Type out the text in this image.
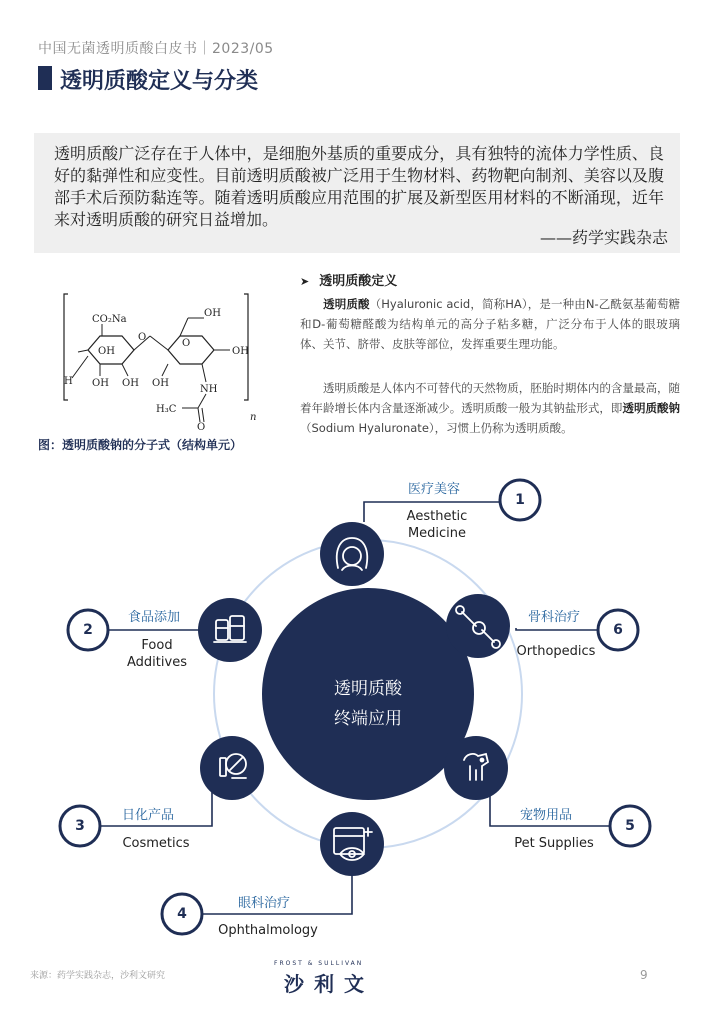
中国无菌透明质酸白皮书｜2023/05
透明质酸定义与分类
透明质酸广泛存在于人体中，是细胞外基质的重要成分，具有独特的流体力学性质、良好的黏弹性和应变性。目前透明质酸被广泛用于生物材料、药物靶向制剂、美容以及腹部手术后预防黏连等。随着透明质酸应用范围的扩展及新型医用材料的不断涌现，近年来对透明质酸的研究日益增加。
——药学实践杂志
CO₂Na
OH
O
H OH OH OH
OH
O
OH
NH
H₃C
O
n
图：透明质酸钠的分子式（结构单元）
➤ 透明质酸定义
透明质酸（Hyaluronic acid，简称HA），是一种由N-乙酰氨基葡萄糖和D-葡萄糖醛酸为结构单元的高分子粘多糖，广泛分布于人体的眼玻璃体、关节、脐带、皮肤等部位，发挥重要生理功能。
透明质酸是人体内不可替代的天然物质，胚胎时期体内的含量最高，随着年龄增长体内含量逐渐减少。透明质酸一般为其钠盐形式，即透明质酸钠（Sodium Hyaluronate），习惯上仍称为透明质酸。
透明质酸
终端应用
1
2
3
4
5
6
医疗美容
Aesthetic
Medicine
食品添加
Food
Additives
日化产品
Cosmetics
眼科治疗
Ophthalmology
宠物用品
Pet Supplies
骨科治疗
Orthopedics
来源：药学实践杂志，沙利文研究
FROST & SULLIVAN
沙利文	9
